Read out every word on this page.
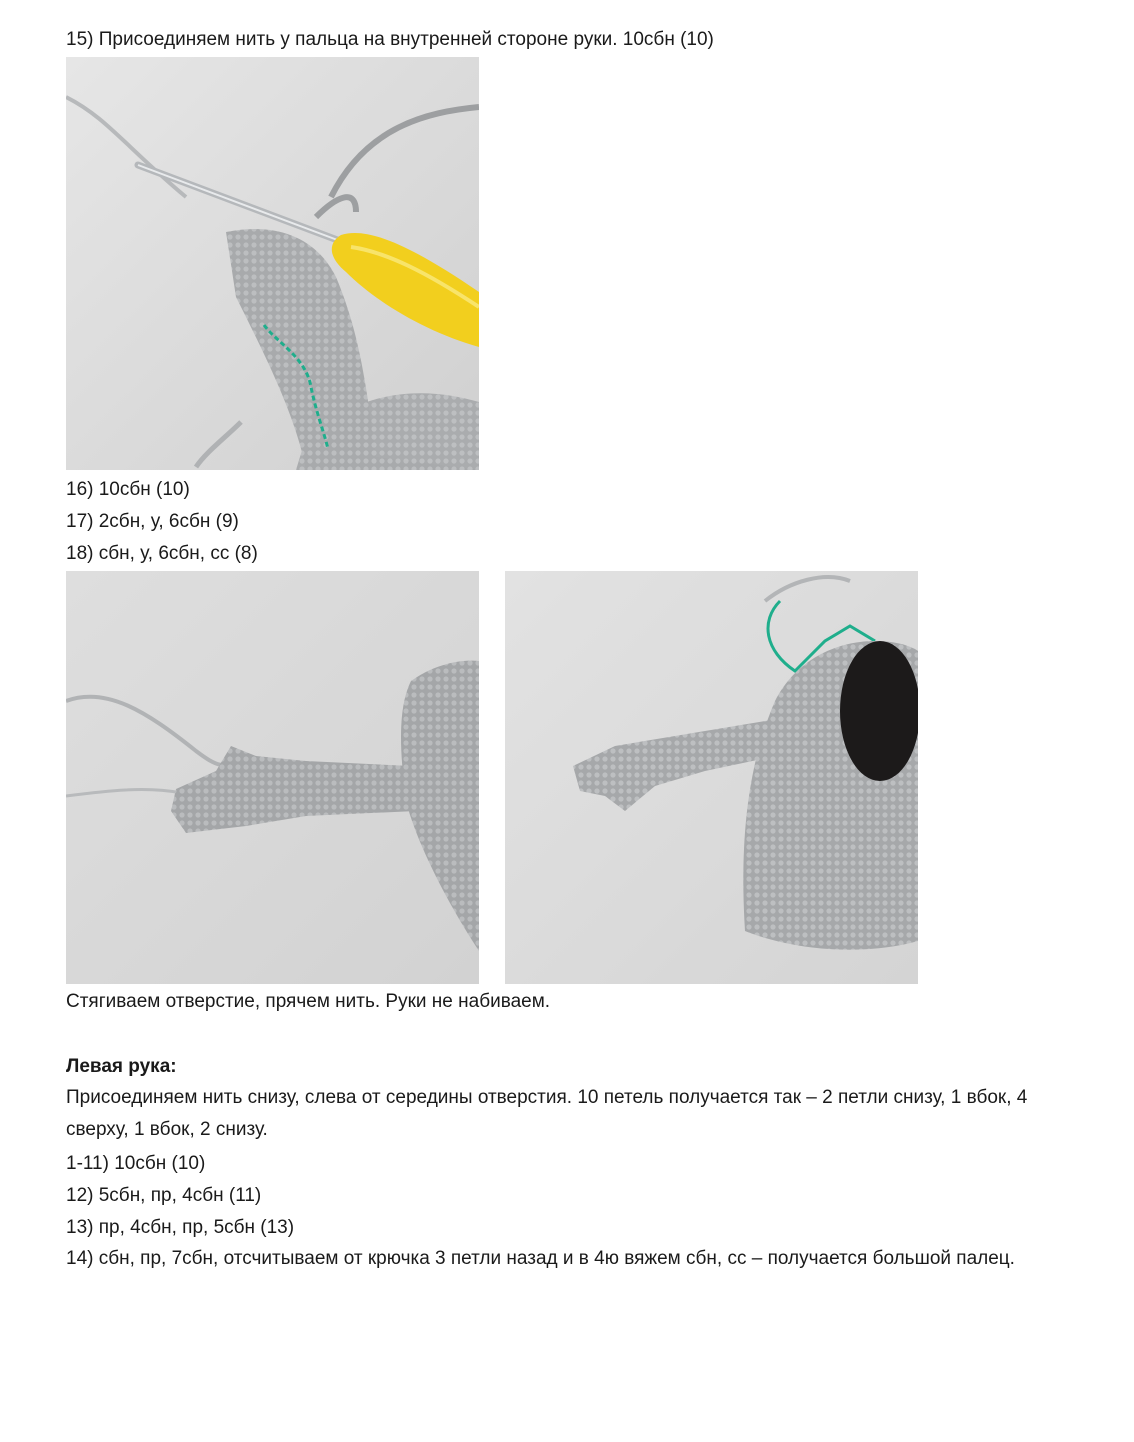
15) Присоединяем нить у пальца на внутренней стороне руки. 10сбн (10)
16) 10сбн (10)
17) 2сбн, у, 6сбн (9)
18) сбн, у, 6сбн, сс (8)
Стягиваем отверстие, прячем нить. Руки не набиваем.
Левая рука:
Присоединяем нить снизу, слева от середины отверстия. 10 петель получается так – 2 петли снизу, 1 вбок, 4 сверху, 1 вбок, 2 снизу.
1-11) 10сбн (10)
12) 5сбн, пр, 4сбн (11)
13) пр, 4сбн, пр, 5сбн (13)
14) сбн, пр, 7сбн, отсчитываем от крючка 3 петли назад и в 4ю вяжем сбн, сс – получается большой палец.
